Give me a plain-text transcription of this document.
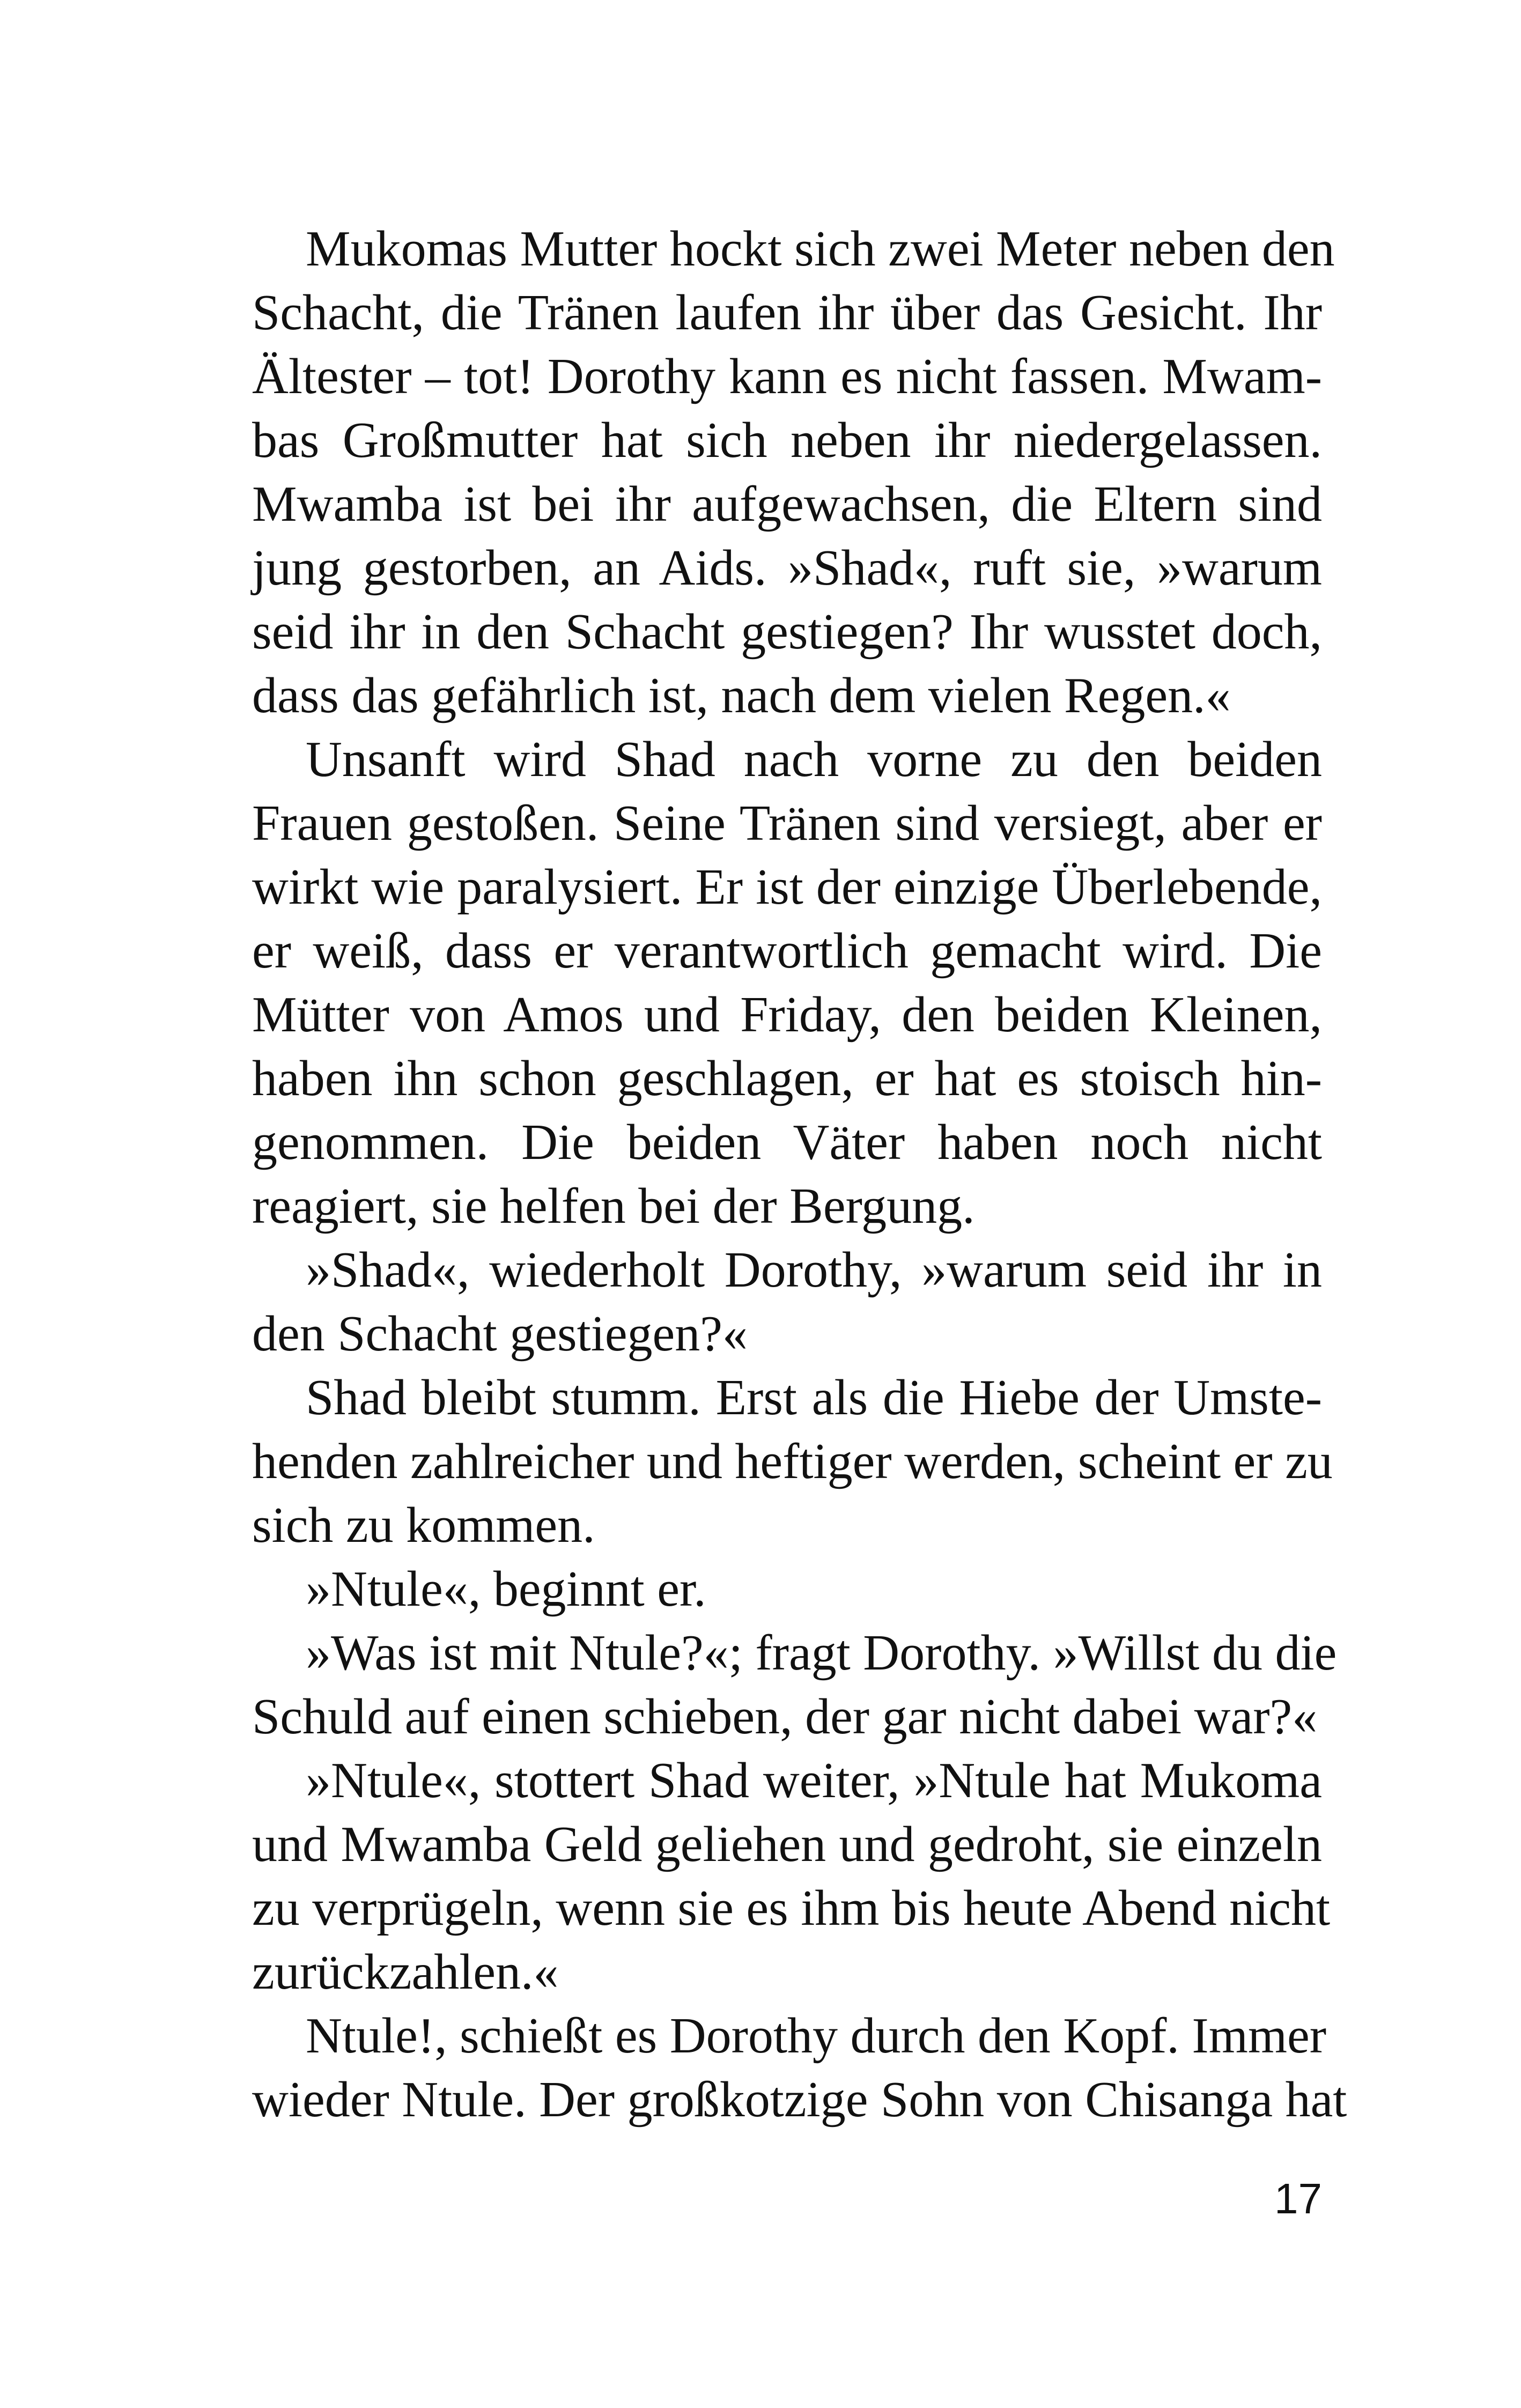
Mukomas Mutter hockt sich zwei Meter neben den
Schacht, die Tränen laufen ihr über das Gesicht. Ihr
Ältester – tot! Dorothy kann es nicht fassen. Mwam-
bas Großmutter hat sich neben ihr niedergelassen.
Mwamba ist bei ihr aufgewachsen, die Eltern sind
jung gestorben, an Aids. »Shad«, ruft sie, »warum
seid ihr in den Schacht gestiegen? Ihr wusstet doch,
dass das gefährlich ist, nach dem vielen Regen.«
Unsanft wird Shad nach vorne zu den beiden
Frauen gestoßen. Seine Tränen sind versiegt, aber er
wirkt wie paralysiert. Er ist der einzige Überlebende,
er weiß, dass er verantwortlich gemacht wird. Die
Mütter von Amos und Friday, den beiden Kleinen,
haben ihn schon geschlagen, er hat es stoisch hin-
genommen. Die beiden Väter haben noch nicht
reagiert, sie helfen bei der Bergung.
»Shad«, wiederholt Dorothy, »warum seid ihr in
den Schacht gestiegen?«
Shad bleibt stumm. Erst als die Hiebe der Umste-
henden zahlreicher und heftiger werden, scheint er zu
sich zu kommen.
»Ntule«, beginnt er.
»Was ist mit Ntule?«; fragt Dorothy. »Willst du die
Schuld auf einen schieben, der gar nicht dabei war?«
»Ntule«, stottert Shad weiter, »Ntule hat Mukoma
und Mwamba Geld geliehen und gedroht, sie einzeln
zu verprügeln, wenn sie es ihm bis heute Abend nicht
zurückzahlen.«
Ntule!, schießt es Dorothy durch den Kopf. Immer
wieder Ntule. Der großkotzige Sohn von Chisanga hat
17
